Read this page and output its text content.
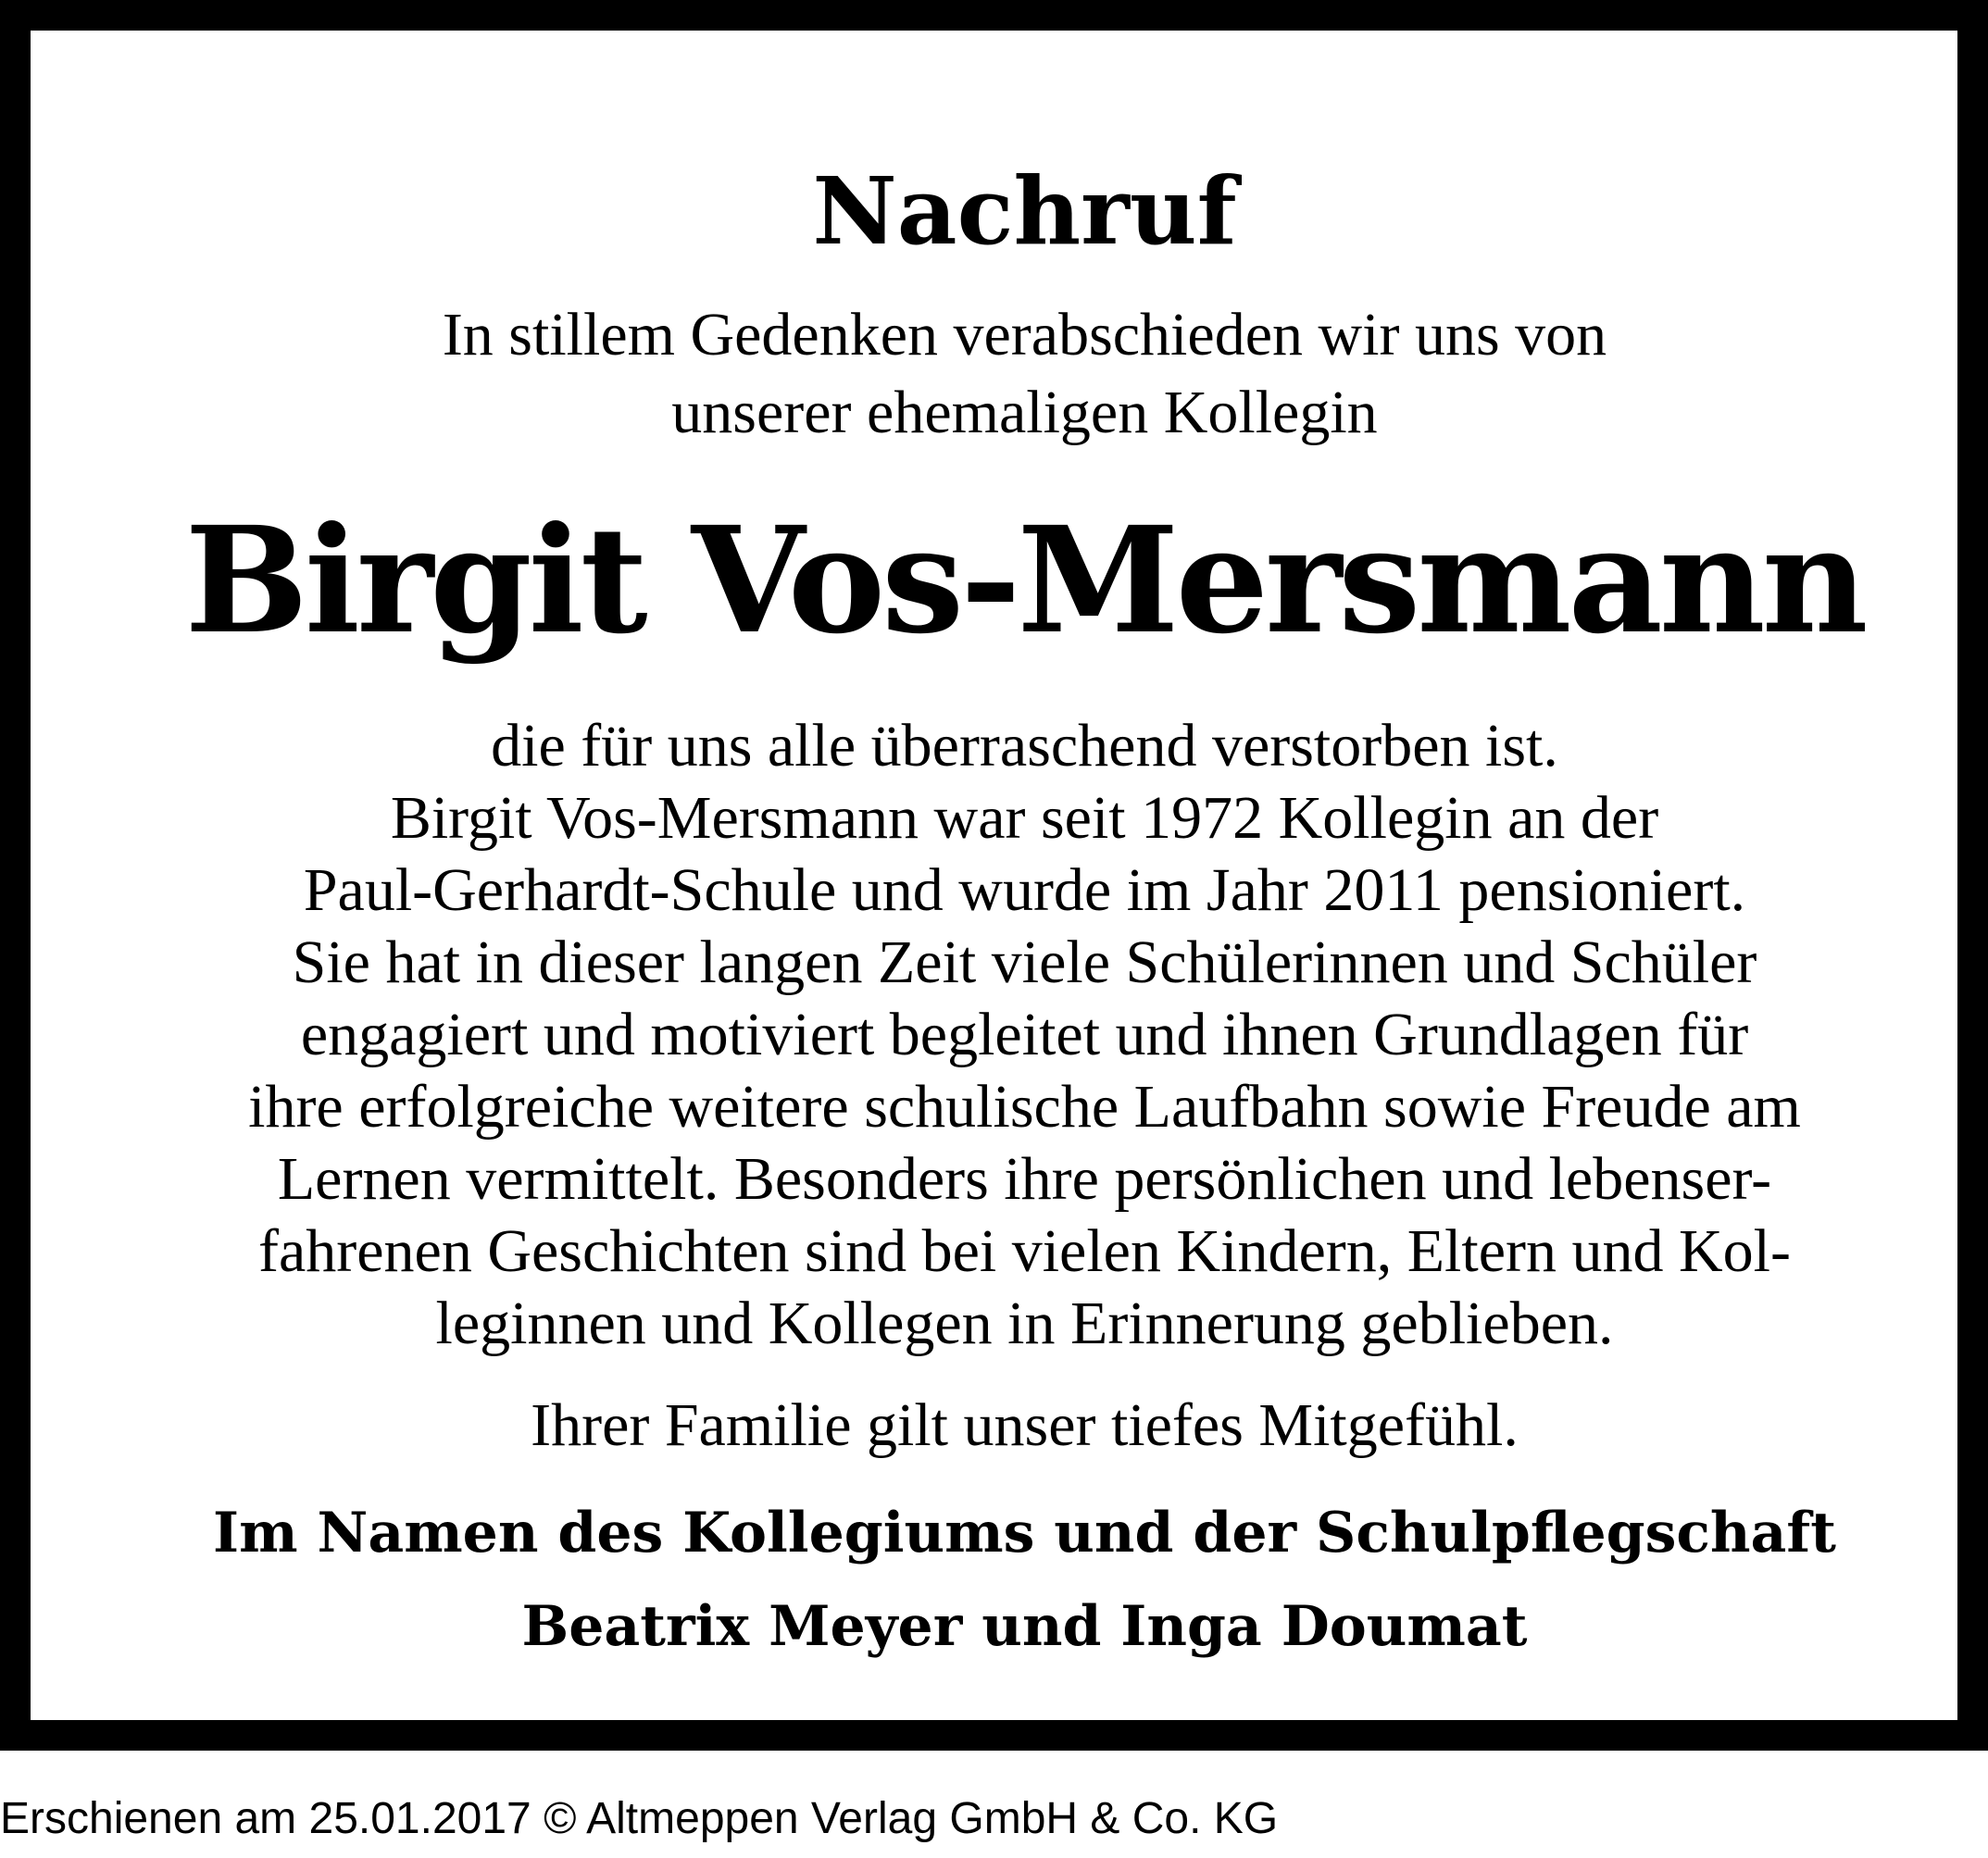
Nachruf
In stillem Gedenken verabschieden wir uns von
unserer ehemaligen Kollegin
Birgit Vos-Mersmann
die für uns alle überraschend verstorben ist.
Birgit Vos-Mersmann war seit 1972 Kollegin an der
Paul-Gerhardt-Schule und wurde im Jahr 2011 pensioniert.
Sie hat in dieser langen Zeit viele Schülerinnen und Schüler
engagiert und motiviert begleitet und ihnen Grundlagen für
ihre erfolgreiche weitere schulische Laufbahn sowie Freude am
Lernen vermittelt. Besonders ihre persönlichen und lebenser-
fahrenen Geschichten sind bei vielen Kindern, Eltern und Kol-
leginnen und Kollegen in Erinnerung geblieben.
Ihrer Familie gilt unser tiefes Mitgefühl.
Im Namen des Kollegiums und der Schulpflegschaft
Beatrix Meyer und Inga Doumat
Erschienen am 25.01.2017 © Altmeppen Verlag GmbH & Co. KG
